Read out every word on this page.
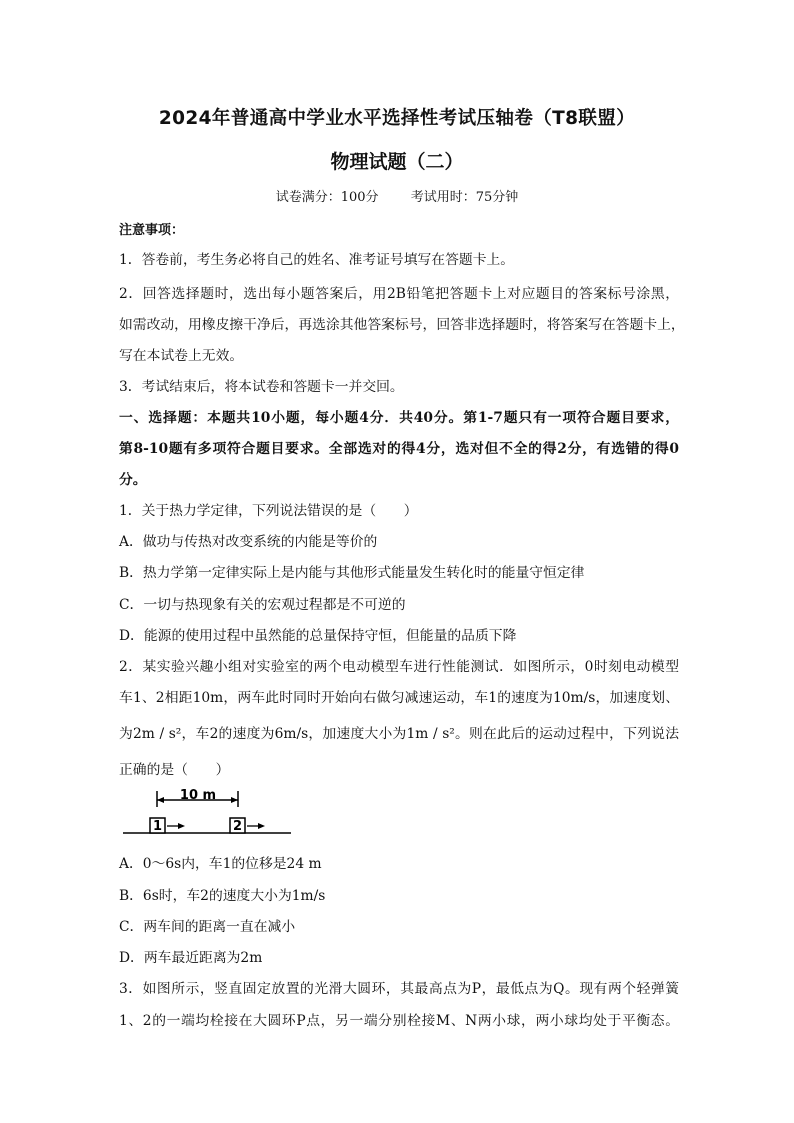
2024年普通高中学业水平选择性考试压轴卷（T8联盟）
物理试题（二）
试卷满分：100分 考试用时：75分钟
注意事项：
1．答卷前，考生务必将自己的姓名、准考证号填写在答题卡上。
2．回答选择题时，选出每小题答案后，用2B铅笔把答题卡上对应题目的答案标号涂黑，
如需改动，用橡皮擦干净后，再选涂其他答案标号，回答非选择题时，将答案写在答题卡上，
写在本试卷上无效。
3．考试结束后，将本试卷和答题卡一并交回。
一、选择题：本题共10小题，每小题4分．共40分。第1-7题只有一项符合题目要求，
第8-10题有多项符合题目要求。全部选对的得4分，选对但不全的得2分，有选错的得0
分。
1．关于热力学定律，下列说法错误的是（　　）
A．做功与传热对改变系统的内能是等价的
B．热力学第一定律实际上是内能与其他形式能量发生转化时的能量守恒定律
C．一切与热现象有关的宏观过程都是不可逆的
D．能源的使用过程中虽然能的总量保持守恒，但能量的品质下降
2．某实验兴趣小组对实验室的两个电动模型车进行性能测试．如图所示，0时刻电动模型
车1、2相距10m，两车此时同时开始向右做匀减速运动，车1的速度为10m/s，加速度划、
为2m / s²，车2的速度为6m/s，加速度大小为1m / s²。则在此后的运动过程中，下列说法
正确的是（　　）
10 m
1	2
A．0～6s内，车1的位移是24 m
B．6s时，车2的速度大小为1m/s
C．两车间的距离一直在减小
D．两车最近距离为2m
3．如图所示，竖直固定放置的光滑大圆环，其最高点为P，最低点为Q。现有两个轻弹簧
1、2的一端均栓接在大圆环P点，另一端分别栓接M、N两小球，两小球均处于平衡态。
